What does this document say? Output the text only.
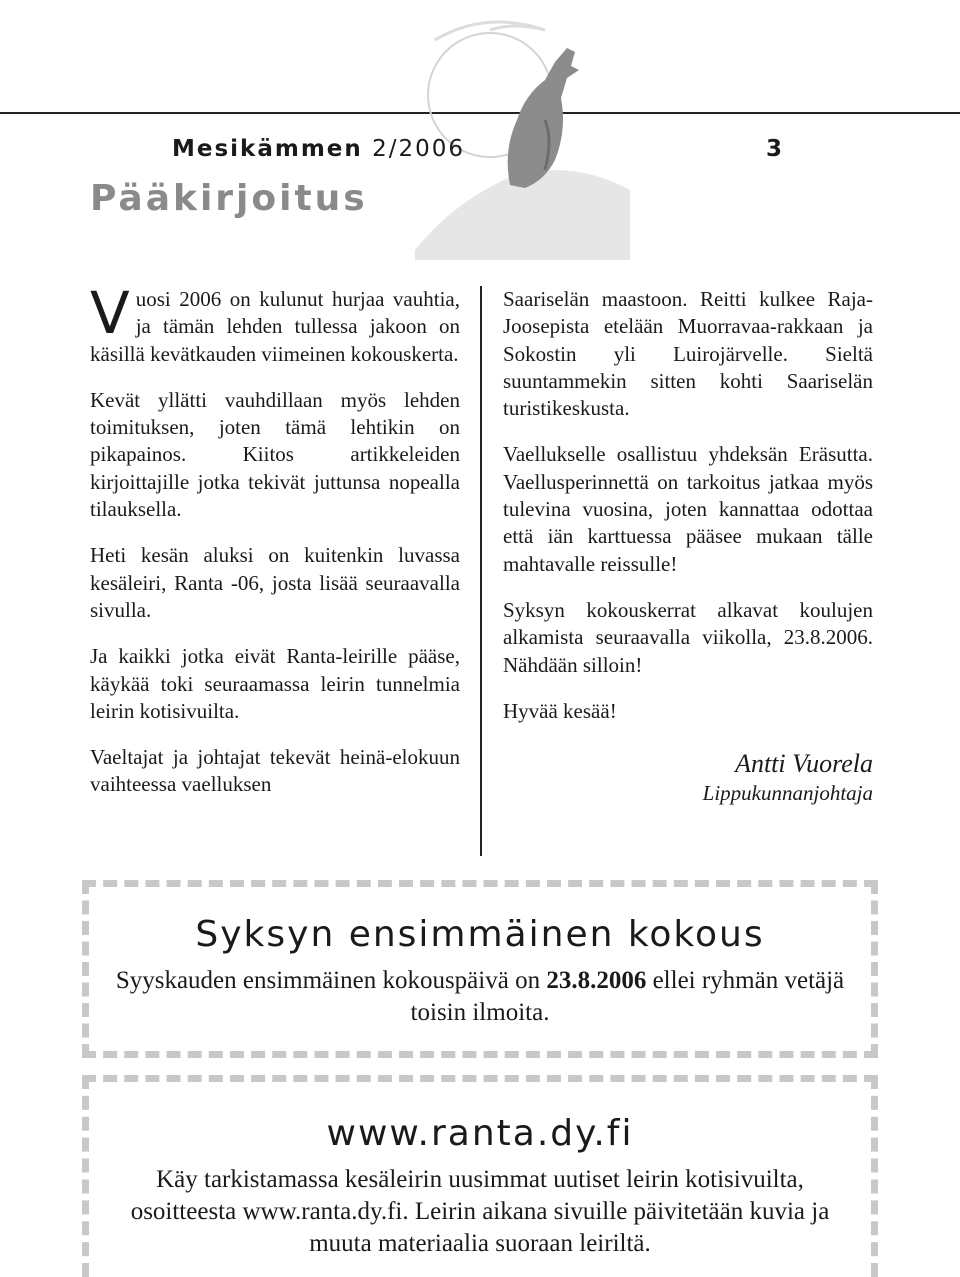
Mesikämmen 2/2006	3
Pääkirjoitus

Vuosi 2006 on kulunut hurjaa vauhtia, ja tämän lehden tullessa jakoon on käsillä kevätkauden viimeinen kokouskerta.

Kevät yllätti vauhdillaan myös lehden toimituksen, joten tämä lehtikin on pikapainos. Kiitos artikkeleiden kirjoittajille jotka tekivät juttunsa nopealla tilauksella.

Heti kesän aluksi on kuitenkin luvassa kesäleiri, Ranta -06, josta lisää seuraavalla sivulla.

Ja kaikki jotka eivät Ranta-leirille pääse, käykää toki seuraamassa leirin tunnelmia leirin kotisivuilta.

Vaeltajat ja johtajat tekevät heinä-elokuun vaihteessa vaelluksen

Saariselän maastoon. Reitti kulkee Raja-Joosepista etelään Muorravaa-rakkaan ja Sokostin yli Luirojärvelle. Sieltä suuntammekin sitten kohti Saariselän turistikeskusta.

Vaellukselle osallistuu yhdeksän Eräsutta. Vaellusperinnettä on tarkoitus jatkaa myös tulevina vuosina, joten kannattaa odottaa että iän karttuessa pääsee mukaan tälle mahtavalle reissulle!

Syksyn kokouskerrat alkavat koulujen alkamista seuraavalla viikolla, 23.8.2006. Nähdään silloin!

Hyvää kesää!

Antti Vuorela
Lippukunnanjohtaja
Syksyn ensimmäinen kokous
Syyskauden ensimmäinen kokouspäivä on 23.8.2006 ellei ryhmän vetäjä toisin ilmoita.
www.ranta.dy.fi
Käy tarkistamassa kesäleirin uusimmat uutiset leirin kotisivuilta, osoitteesta www.ranta.dy.fi. Leirin aikana sivuille päivitetään kuvia ja muuta materiaalia suoraan leiriltä.
